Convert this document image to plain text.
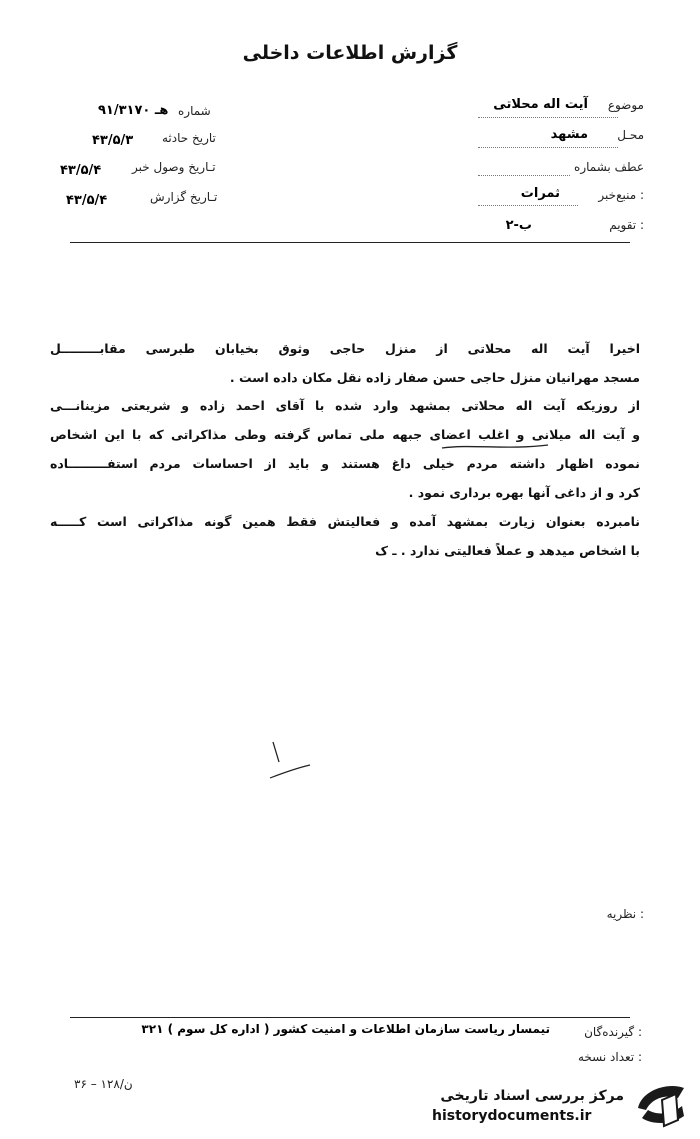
گزارش اطلاعات داخلی
موضوع
آیت اله محلاتی
محـل
مشهد
عطف بشماره
منبع‌خبر :
ثمرات
تقویم :
ب-۲
شماره
۹۱/۳۱۷۰ هـ
تاریخ حادثه
۴۳/۵/۳
تـاریخ وصول خبر
۴۳/۵/۴
تـاریخ گزارش
۴۳/۵/۴
اخیرا آیت اله محلاتی از منزل حاجی وثوق بخیابان طبرسی مقابـــــــــل
مسجد مهرانیان منزل حاجی حسن صفار زاده نقل مکان داده است .
از روزیکه آیت اله محلاتی بمشهد وارد شده با آقای احمد زاده و شریعتی مزینانـــی
و آیت اله میلانی و اغلب اعضای جبهه ملی تماس گرفته وطی مذاکراتی که با این اشخاص
نموده اظهار داشته مردم خیلی داغ هستند و باید از احساسات مردم استفـــــــــاده
کرد و از داغی آنها بهره برداری نمود .
نامبرده بعنوان زیارت بمشهد آمده و فعالیتش فقط همین گونه مذاکراتی است کـــــه
با اشخاص میدهد و عملاً فعالیتی ندارد . ـ ک
نظریه :
گیرنده‌گان :
تیمسار ریاست سازمان اطلاعات و امنیت کشور ( اداره کل سوم ) ۳۲۱
تعداد نسخه :
۳۶ – ۱۲۸/ن
مرکز بررسی اسناد تاریخی
historydocuments.ir
